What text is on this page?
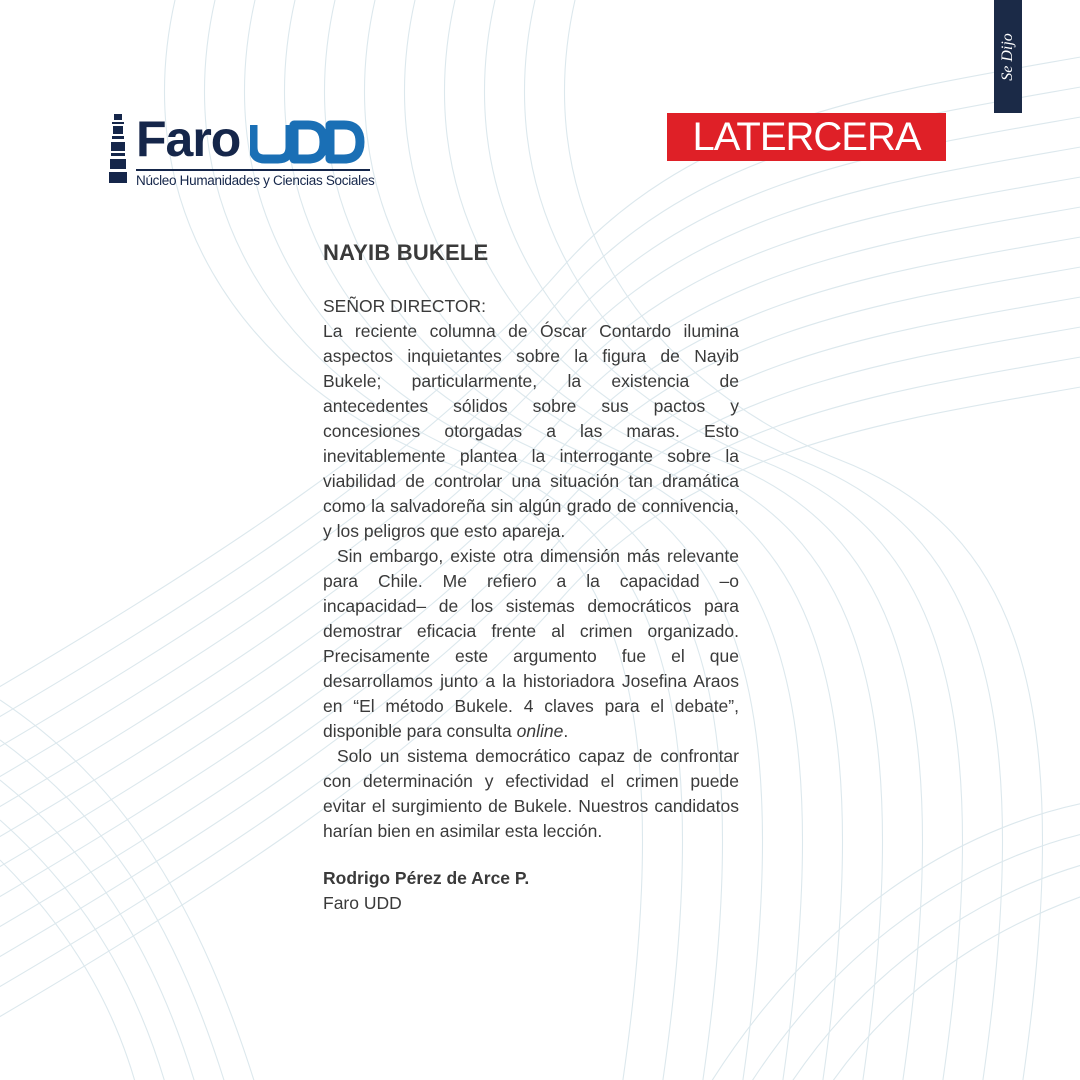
Se Dijo
Faro
Núcleo Humanidades y Ciencias Sociales
LATERCERA
NAYIB BUKELE

SEÑOR DIRECTOR:

La reciente columna de Óscar Contardo ilumina aspectos inquietantes sobre la figura de Nayib Bukele; particularmente, la existencia de antecedentes sólidos sobre sus pactos y concesiones otorgadas a las maras. Esto inevitablemente plantea la interrogante sobre la viabilidad de controlar una situación tan dramática como la salvadoreña sin algún grado de connivencia, y los peligros que esto apareja.

Sin embargo, existe otra dimensión más relevante para Chile. Me refiero a la capacidad –o incapacidad– de los sistemas democráticos para demostrar eficacia frente al crimen organizado. Precisamente este argumento fue el que desarrollamos junto a la historiadora Josefina Araos en “El método Bukele. 4 claves para el debate”, disponible para consulta online.

Solo un sistema democrático capaz de confrontar con determinación y efectividad el crimen puede evitar el surgimiento de Bukele. Nuestros candidatos harían bien en asimilar esta lección.

Rodrigo Pérez de Arce P.
Faro UDD
